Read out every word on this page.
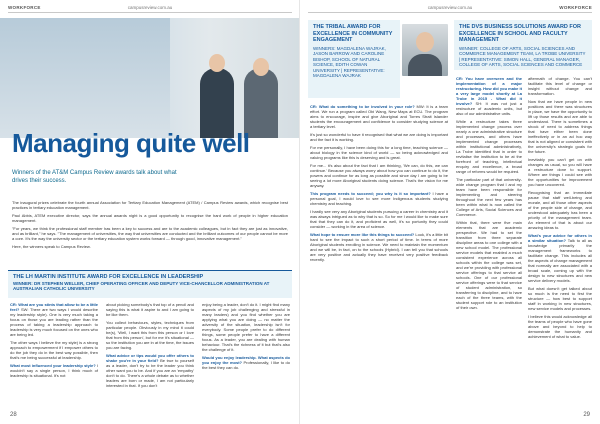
WORKFORCE	campusreview.com.au
Managing quite well
Winners of the AT&M Campus Review awards talk about what drives their success.

The inaugural prizes celebrate the fourth annual Association for Tertiary Education Management (ATEM) / Campus Review awards, which recognise best practices in tertiary education management.

Paul Abbis, ATEM executive director, says the annual awards night is a good opportunity to recognise the hard work of people in higher education management.

"For years, we think the professional staff member has been a key to success and are to the academic colleagues, but in fact they are just as innovative, and as brilliant," he says. "The management of universities, the way that universities are conducted and the brilliant outcomes of our people cannot be more a core. It's the way the university sector or the tertiary education system works forward — through good, innovative management."

Here, the winners speak to Campus Review.

THE LH MARTIN INSTITUTE AWARD FOR EXCELLENCE IN LEADERSHIP
WINNER: DR STEPHEN WELLER, CHIEF OPERATING OFFICER AND DEPUTY VICE-CHANCELLOR ADMINISTRATION AT AUSTRALIAN CATHOLIC UNIVERSITY

CR: What are you stints that allow to be a little feel? SW: There are two ways I would describe my leadership style). One is very much taking a focus on those you are leading rather than the process of taking a leadership approach to leadership is very much focused on the ones who are being led.

The other ways I believe the my style) is a strong approach to empowerment if I empower others to do the job they do in the best way possible, then that's me being successful at leadership.

What most influenced your leadership style? I wouldn't say a single person, I think much of leadership is situational. It's not

about picking somebody's that top of a pencil and saying this is what it aspire to and I am going to be like them.

You collect behaviours, styles, techniques from particular people. Obviously in my mind it could be(s), 'Well, I want this from this person or I love that from this person', but for me it's situational — so the institution you are in at the time, the issues you are facing.

What advice or tips would you offer others to shake you're in your field? Be true to yourself as a leader, don't try to be the leader you think other want you to be. And if you are an 'empathy' don't to do. There's a whole debate as to whether leaders are born or made, I am not particularly interested in that. If you don't

enjoy being a leader, don't do it. I might find many aspects of my job challenging and stressful in many leaders) and you find whether you are applying what you are doing — no matter the adversity of the situation, leadership isn't for everybody. Some people prefer to do different things, some people prefer to have a different focus. As a leader, you are dealing with human behaviour. That's the richness of it but that's also the challenge of it.

Would you enjoy leadership. What aspects do you enjoy the most? Professionally, I like to do the best they can do.

28
campusreview.com.au	WORKFORCE
THE TRIBAL AWARD FOR EXCELLENCE IN COMMUNITY ENGAGEMENT
WINNERS: MAGDALENA WAJRAK, JASON BARROW AND CAROLINE BISHOP, SCHOOL OF NATURAL SCIENCE, EDITH COWAN UNIVERSITY | REPRESENTATIVE: MAGDALENA WAJRAK

CR: What do something to be involved in your role? MW: It is a team effort. We run a program called Obi Wang, New Maps at ECU. The program aims to encourage, inspire and give Aboriginal and Torres Strait Islander students the encouragement and confidence to consider studying science at a tertiary level.

It's just so wonderful to have it recognised that what we are doing is important and the fact it is working.

For me personally, I have been doing this for a long time, teaching science — about biology in the science kind of world — so being acknowledged and valuing programs like this is deserving and is great.

For me... it's also about the fact that I am thinking, 'We can, do this, we can continue.' Because you always worry about how you can continue to do it, the powers and continue for as long as possible and since day I am going to be seeing a lot more Aboriginal students doing science. That's the vision for me anyway.

This program needs to succeed; you why is it so important? I have a personal goal, I would love to see more Indigenous students studying chemistry and teaching.

I hardly see very any Aboriginal students pursuing a career in chemistry and it was always intrigued as to why that is so. So for me I would like to make sure that that they can do it, and proficient as well, it's so portunity they could consider — working in the area of science.

What hope to ensure more like this things to succeed? Look, it's a little bit hard to see the impact to such a short period of time. In terms of more Aboriginal students enrolling in science. We need to maintain the momentum and we will be, in fact, on to the schools (Hybrid). I can tell you that schools are very positive and actually they have received very positive feedback recently.

THE DVS BUSINESS SOLUTIONS AWARD FOR EXCELLENCE IN SCHOOL AND FACULTY MANAGEMENT
WINNER: COLLEGE OF ARTS, SOCIAL SCIENCES AND COMMERCE MANAGEMENT TEAM, LA TROBE UNIVERSITY | REPRESENTATIVE: SIMON HALL, GENERAL MANAGER, COLLEGE OF ARTS, SOCIAL SCIENCES AND COMMERCE

CR: You have overseen and the implementation of a major restructuring. How did you make it a very large model shortly at La Trobe in 2015 - What did it involve? SH: It was not just a restructure of academic units, but also of our administrative units.

While a restructure takes three implemented change process over nearly a one administrative structure and processes, and others have implemented change processes within institutional administratively, La Trobe identified that in order to revitalise the institution to be at the forefront of teaching, intellectual enquiry and excellence, a broad range of reforms would be required.

The particular part of that university-wide change program that I and my team have been responsible for implementing and steering throughout the next few years has been within what is now called the College of Arts, Social Sciences and Commerce.

Within that, there were five main elements that are academic perspective. We had to set the transition from three separate discipline areas to one college with a new school model. The professional service models that enabled a much consistent experience across all schools within the college was set, and we're providing with professional service offerings to that service all schools. One of our professional service offerings were to that service of student administration, so transferring to discipline, and to have each of the three teams, with the student support role to an institution of their own.

aftermath of change. You can't facilitate this level of change or insight without change and transformation.

Now that we have people in new positions and there was structures in place, we have the opportunity to lift up those results and are able to understand. There is sometimes a shock of need to address things that have either been done ineffectively or in an ad hoc way that is not aligned or consistent with the university's strategic goals for the future.

Inevitably you can't get on with changes as usual, so you will have a restructure done to support. Where are things I could see with the opportunities for improvement you have uncovered.

Recognising that an immediate pause that staff well-being and morale, and all those other aspects of the people side of change, and understood adequately has been a priority of the management team. An element of that is about our amazing ideas to.

What's your advice for others in a similar situation? Talk to all as knowledge primarily the management frameworks to facilitate change. This includes all the aspects of change management that normally are associated with a broad scale, coming up with the design to new structures and new service delivery models.

But what doesn't get talked about so much is the need to first the structure — how best to support staff in working in new structures, new service models and processes.

I believe this would acknowledge all the teams of people who have gone above and beyond to help to demonstrate the humanity and achievement of what to value.

29
